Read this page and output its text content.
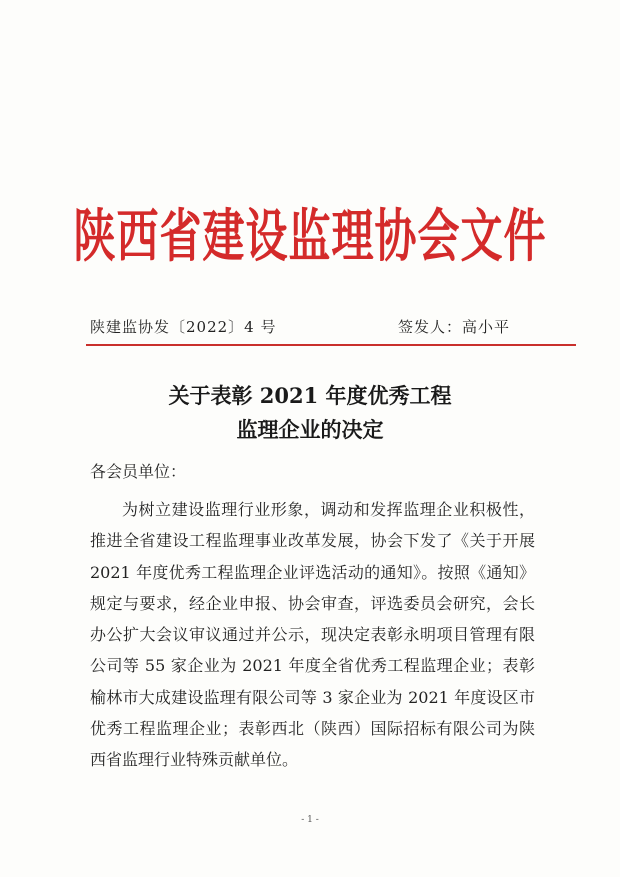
陕西省建设监理协会文件
陕建监协发〔2022〕4 号	签发人：高小平
关于表彰 2021 年度优秀工程
监理企业的决定
各会员单位：

为树立建设监理行业形象，调动和发挥监理企业积极性，推进全省建设工程监理事业改革发展，协会下发了《关于开展 2021 年度优秀工程监理企业评选活动的通知》。按照《通知》规定与要求，经企业申报、协会审查，评选委员会研究，会长办公扩大会议审议通过并公示，现决定表彰永明项目管理有限公司等 55 家企业为 2021 年度全省优秀工程监理企业；表彰榆林市大成建设监理有限公司等 3 家企业为 2021 年度设区市优秀工程监理企业；表彰西北（陕西）国际招标有限公司为陕西省监理行业特殊贡献单位。

- 1 -
